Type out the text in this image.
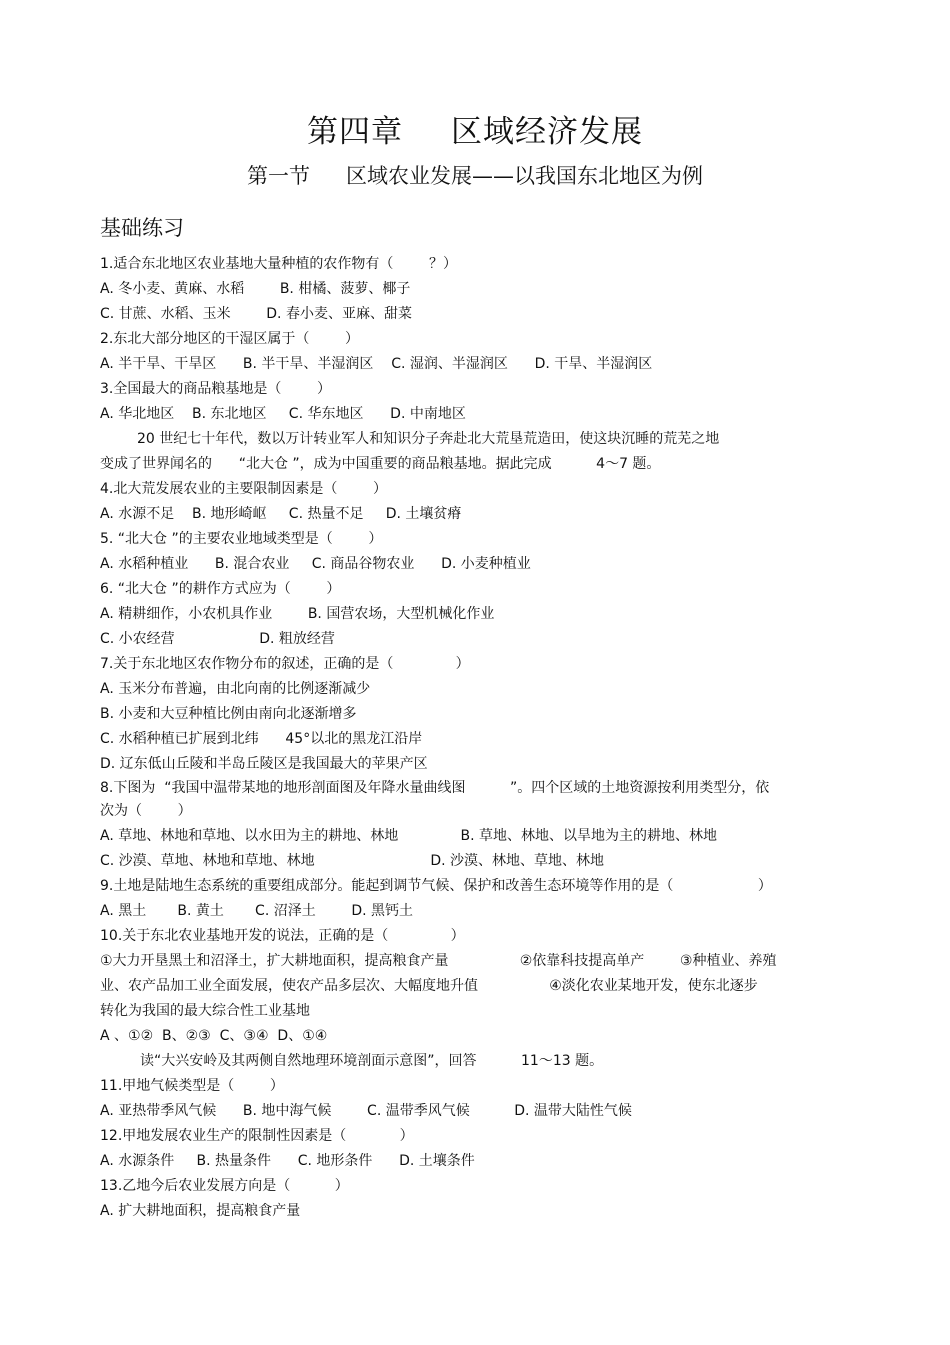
第四章 区域经济发展
第一节 区域农业发展——以我国东北地区为例
基础练习
1.适合东北地区农业基地大量种植的农作物有（        ？）
A. 冬小麦、黄麻、水稻        B. 柑橘、菠萝、椰子
C. 甘蔗、水稻、玉米        D. 春小麦、亚麻、甜菜
2.东北大部分地区的干湿区属于（        ）
A. 半干旱、干旱区      B. 半干旱、半湿润区    C. 湿润、半湿润区      D. 干旱、半湿润区
3.全国最大的商品粮基地是（        ）
A. 华北地区    B. 东北地区     C. 华东地区      D. 中南地区
20 世纪七十年代，数以万计转业军人和知识分子奔赴北大荒垦荒造田，使这块沉睡的荒芜之地
变成了世界闻名的      “北大仓 ”，成为中国重要的商品粮基地。据此完成          4～7 题。
4.北大荒发展农业的主要限制因素是（        ）
A. 水源不足    B. 地形崎岖     C. 热量不足     D. 土壤贫瘠
5. “北大仓 ”的主要农业地域类型是（        ）
A. 水稻种植业      B. 混合农业     C. 商品谷物农业      D. 小麦种植业
6. “北大仓 ”的耕作方式应为（        ）
A. 精耕细作，小农机具作业        B. 国营农场，大型机械化作业
C. 小农经营                   D. 粗放经营
7.关于东北地区农作物分布的叙述，正确的是（              ）
A. 玉米分布普遍，由北向南的比例逐渐减少
B. 小麦和大豆种植比例由南向北逐渐增多
C. 水稻种植已扩展到北纬      45°以北的黑龙江沿岸
D. 辽东低山丘陵和半岛丘陵区是我国最大的苹果产区
8.下图为  “我国中温带某地的地形剖面图及年降水量曲线图          ”。四个区域的土地资源按利用类型分，依
次为（        ）
A. 草地、林地和草地、以水田为主的耕地、林地              B. 草地、林地、以旱地为主的耕地、林地
C. 沙漠、草地、林地和草地、林地                          D. 沙漠、林地、草地、林地
9.土地是陆地生态系统的重要组成部分。能起到调节气候、保护和改善生态环境等作用的是（                   ）
A. 黑土       B. 黄土       C. 沼泽土        D. 黑钙土
10.关于东北农业基地开发的说法，正确的是（              ）
①大力开垦黑土和沼泽土，扩大耕地面积，提高粮食产量                ②依靠科技提高单产        ③种植业、养殖
业、农产品加工业全面发展，使农产品多层次、大幅度地升值                ④淡化农业某地开发，使东北逐步
转化为我国的最大综合性工业基地
A 、①②  B、②③  C、③④  D、①④
读“大兴安岭及其两侧自然地理环境剖面示意图”，回答          11～13 题。
11.甲地气候类型是（        ）
A. 亚热带季风气候      B. 地中海气候        C. 温带季风气候          D. 温带大陆性气候
12.甲地发展农业生产的限制性因素是（            ）
A. 水源条件     B. 热量条件      C. 地形条件      D. 土壤条件
13.乙地今后农业发展方向是（          ）
A. 扩大耕地面积，提高粮食产量
